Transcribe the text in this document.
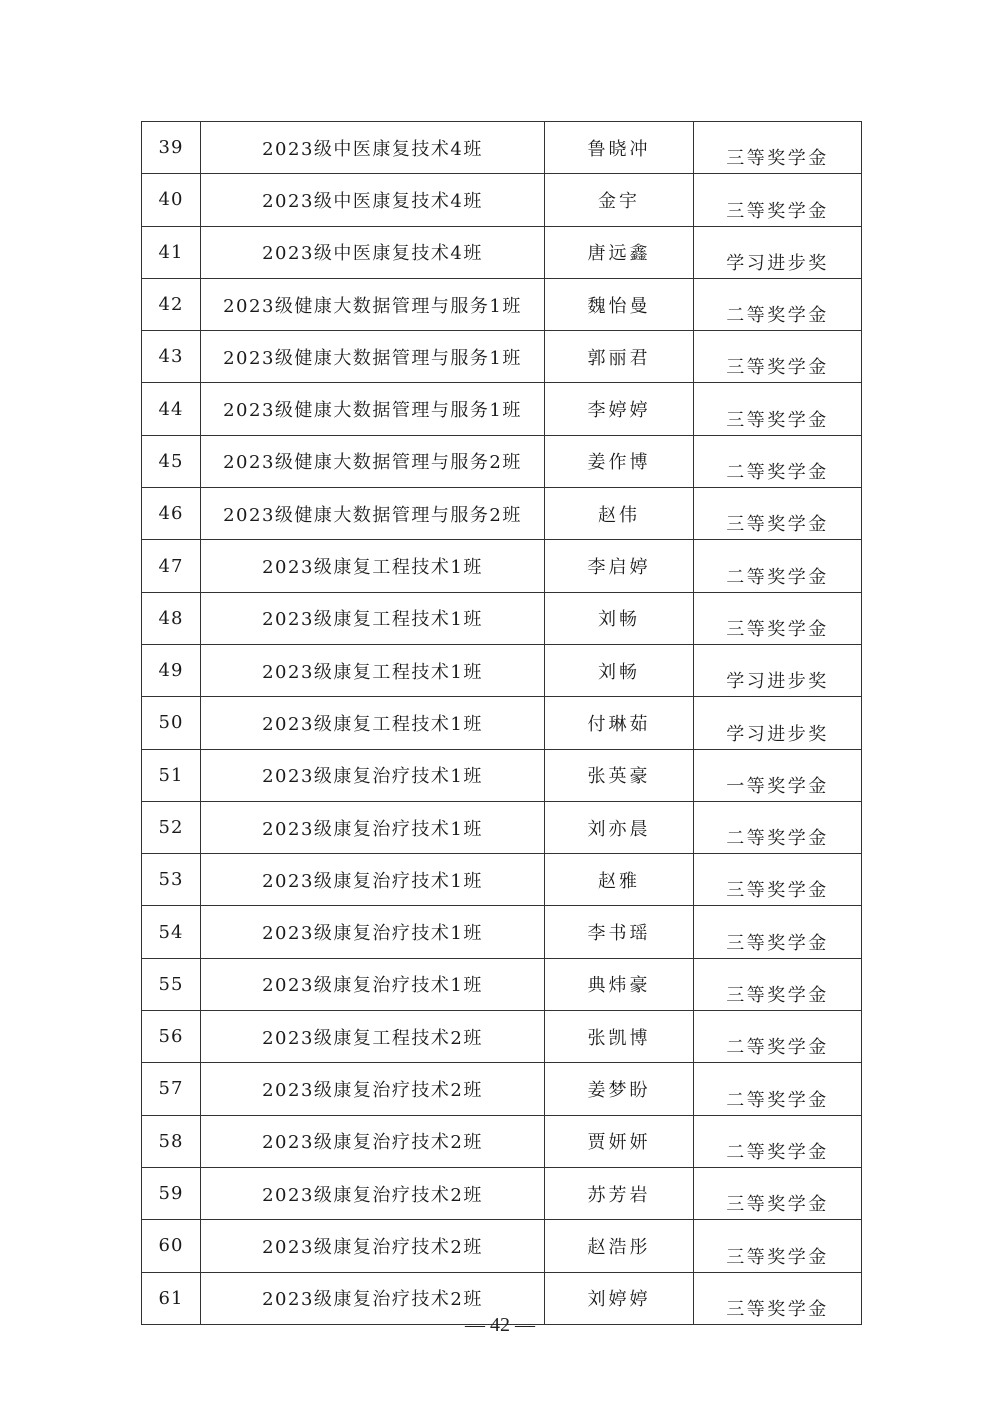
39	2023级中医康复技术4班	鲁晓冲	三等奖学金
40	2023级中医康复技术4班	金宇	三等奖学金
41	2023级中医康复技术4班	唐远鑫	学习进步奖
42	2023级健康大数据管理与服务1班	魏怡曼	二等奖学金
43	2023级健康大数据管理与服务1班	郭丽君	三等奖学金
44	2023级健康大数据管理与服务1班	李婷婷	三等奖学金
45	2023级健康大数据管理与服务2班	姜作博	二等奖学金
46	2023级健康大数据管理与服务2班	赵伟	三等奖学金
47	2023级康复工程技术1班	李启婷	二等奖学金
48	2023级康复工程技术1班	刘畅	三等奖学金
49	2023级康复工程技术1班	刘畅	学习进步奖
50	2023级康复工程技术1班	付琳茹	学习进步奖
51	2023级康复治疗技术1班	张英豪	一等奖学金
52	2023级康复治疗技术1班	刘亦晨	二等奖学金
53	2023级康复治疗技术1班	赵雅	三等奖学金
54	2023级康复治疗技术1班	李书瑶	三等奖学金
55	2023级康复治疗技术1班	典炜豪	三等奖学金
56	2023级康复工程技术2班	张凯博	二等奖学金
57	2023级康复治疗技术2班	姜梦盼	二等奖学金
58	2023级康复治疗技术2班	贾妍妍	二等奖学金
59	2023级康复治疗技术2班	苏芳岩	三等奖学金
60	2023级康复治疗技术2班	赵浩彤	三等奖学金
61	2023级康复治疗技术2班	刘婷婷	三等奖学金
— 42 —
